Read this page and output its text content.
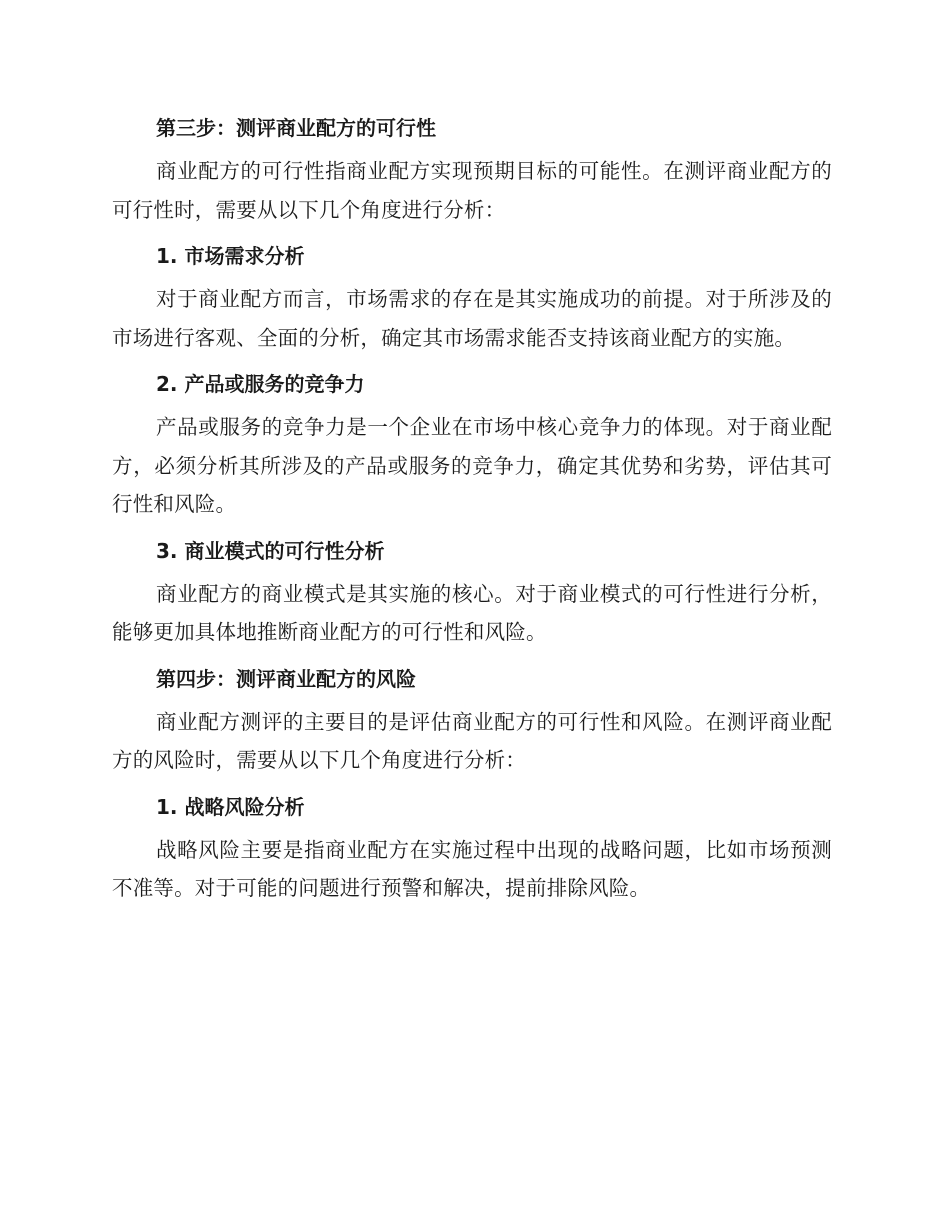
第三步：测评商业配方的可行性

商业配方的可行性指商业配方实现预期目标的可能性。在测评商业配方的可行性时，需要从以下几个角度进行分析：

1. 市场需求分析

对于商业配方而言，市场需求的存在是其实施成功的前提。对于所涉及的市场进行客观、全面的分析，确定其市场需求能否支持该商业配方的实施。

2. 产品或服务的竞争力

产品或服务的竞争力是一个企业在市场中核心竞争力的体现。对于商业配方，必须分析其所涉及的产品或服务的竞争力，确定其优势和劣势，评估其可行性和风险。

3. 商业模式的可行性分析

商业配方的商业模式是其实施的核心。对于商业模式的可行性进行分析，能够更加具体地推断商业配方的可行性和风险。

第四步：测评商业配方的风险

商业配方测评的主要目的是评估商业配方的可行性和风险。在测评商业配方的风险时，需要从以下几个角度进行分析：

1. 战略风险分析

战略风险主要是指商业配方在实施过程中出现的战略问题，比如市场预测不准等。对于可能的问题进行预警和解决，提前排除风险。
